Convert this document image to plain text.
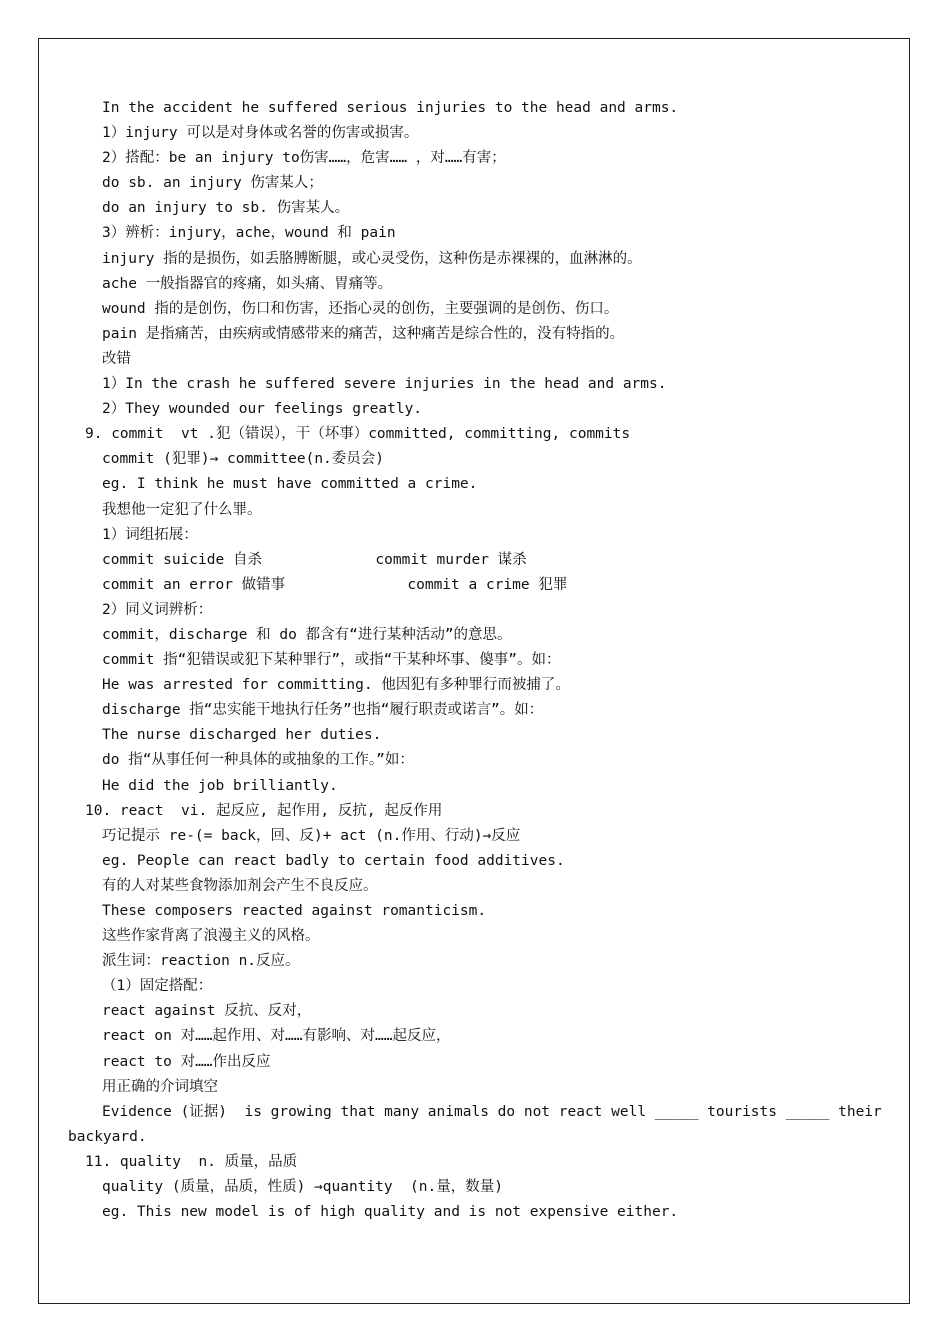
In the accident he suffered serious injuries to the head and arms.
1）injury 可以是对身体或名誉的伤害或损害。
2）搭配：be an injury to伤害……，危害…… ，对……有害；
do sb. an injury 伤害某人；
do an injury to sb. 伤害某人。
3）辨析：injury，ache，wound 和 pain
injury 指的是损伤，如丢胳膊断腿，或心灵受伤，这种伤是赤裸裸的，血淋淋的。
ache 一般指器官的疼痛，如头痛、胃痛等。
wound 指的是创伤，伤口和伤害，还指心灵的创伤，主要强调的是创伤、伤口。
pain 是指痛苦，由疾病或情感带来的痛苦，这种痛苦是综合性的，没有特指的。
改错
1）In the crash he suffered severe injuries in the head and arms.
2）They wounded our feelings greatly.
9. commit  vt .犯（错误），干（坏事）committed, committing, commits
commit (犯罪)→ committee(n.委员会)
eg. I think he must have committed a crime.
我想他一定犯了什么罪。
1）词组拓展：
commit suicide 自杀             commit murder 谋杀
commit an error 做错事              commit a crime 犯罪
2）同义词辨析：
commit，discharge 和 do 都含有“进行某种活动”的意思。
commit 指“犯错误或犯下某种罪行”，或指“干某种坏事、傻事”。如：
He was arrested for committing. 他因犯有多种罪行而被捕了。
discharge 指“忠实能干地执行任务”也指“履行职责或诺言”。如：
The nurse discharged her duties.
do 指“从事任何一种具体的或抽象的工作。”如：
He did the job brilliantly.
10. react  vi. 起反应, 起作用, 反抗, 起反作用
巧记提示 re-(= back，回、反)+ act (n.作用、行动)→反应
eg. People can react badly to certain food additives.
有的人对某些食物添加剂会产生不良反应。
These composers reacted against romanticism.
这些作家背离了浪漫主义的风格。
派生词：reaction n.反应。
（1）固定搭配：
react against 反抗、反对，
react on 对……起作用、对……有影响、对……起反应，
react to 对……作出反应
用正确的介词填空
Evidence (证据)  is growing that many animals do not react well _____ tourists _____ their
backyard.
11. quality  n. 质量，品质
quality (质量，品质，性质) →quantity  (n.量，数量)
eg. This new model is of high quality and is not expensive either.
